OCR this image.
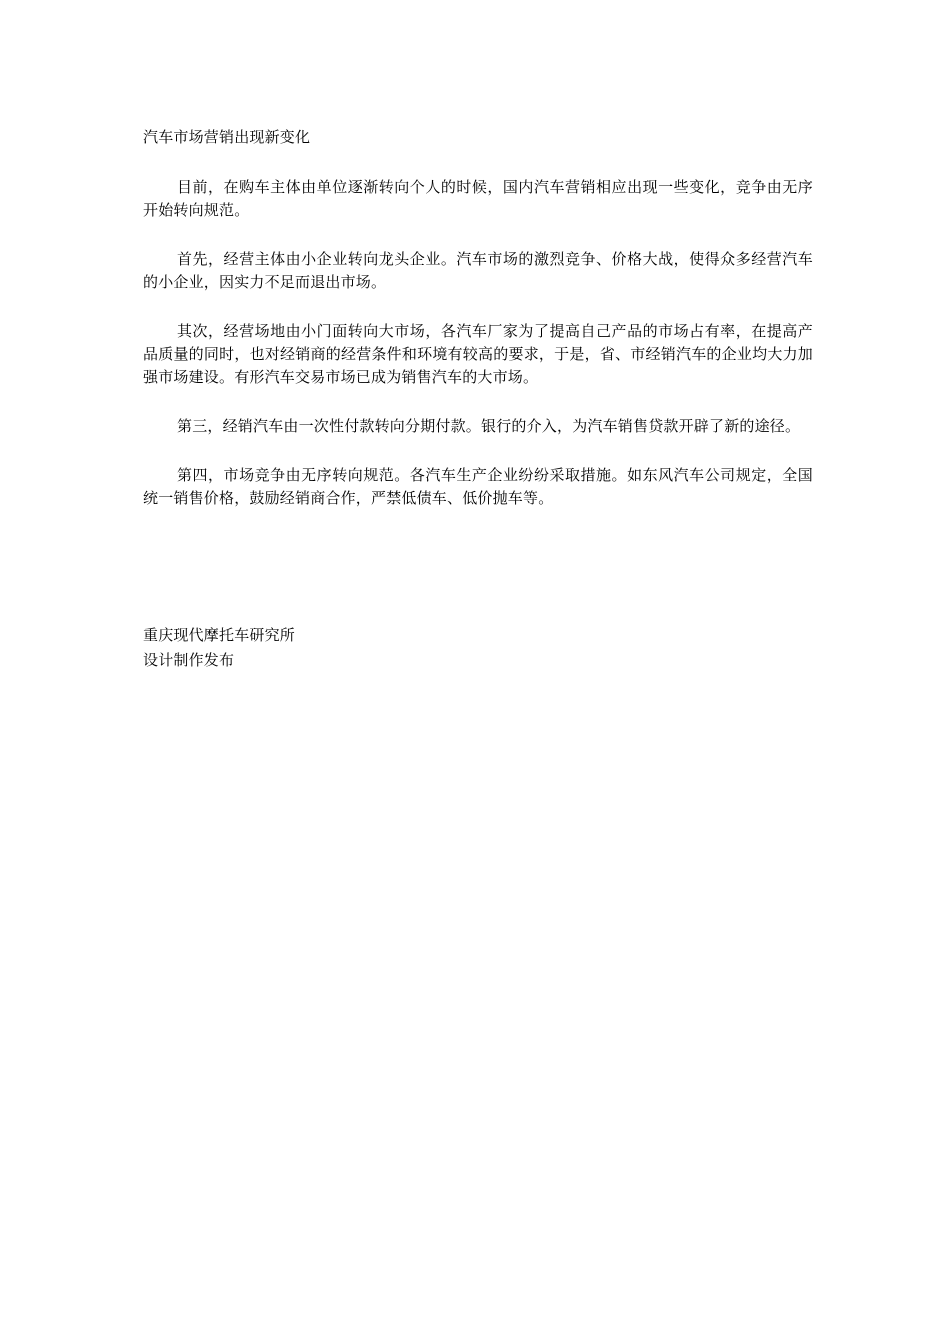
汽车市场营销出现新变化

目前，在购车主体由单位逐渐转向个人的时候，国内汽车营销相应出现一些变化，竞争由无序开始转向规范。

首先，经营主体由小企业转向龙头企业。汽车市场的激烈竞争、价格大战，使得众多经营汽车的小企业，因实力不足而退出市场。

其次，经营场地由小门面转向大市场，各汽车厂家为了提高自己产品的市场占有率，在提高产品质量的同时，也对经销商的经营条件和环境有较高的要求，于是，省、市经销汽车的企业均大力加强市场建设。有形汽车交易市场已成为销售汽车的大市场。

第三，经销汽车由一次性付款转向分期付款。银行的介入，为汽车销售贷款开辟了新的途径。

第四，市场竞争由无序转向规范。各汽车生产企业纷纷采取措施。如东风汽车公司规定，全国统一销售价格，鼓励经销商合作，严禁低债车、低价抛车等。

重庆现代摩托车研究所
设计制作发布
